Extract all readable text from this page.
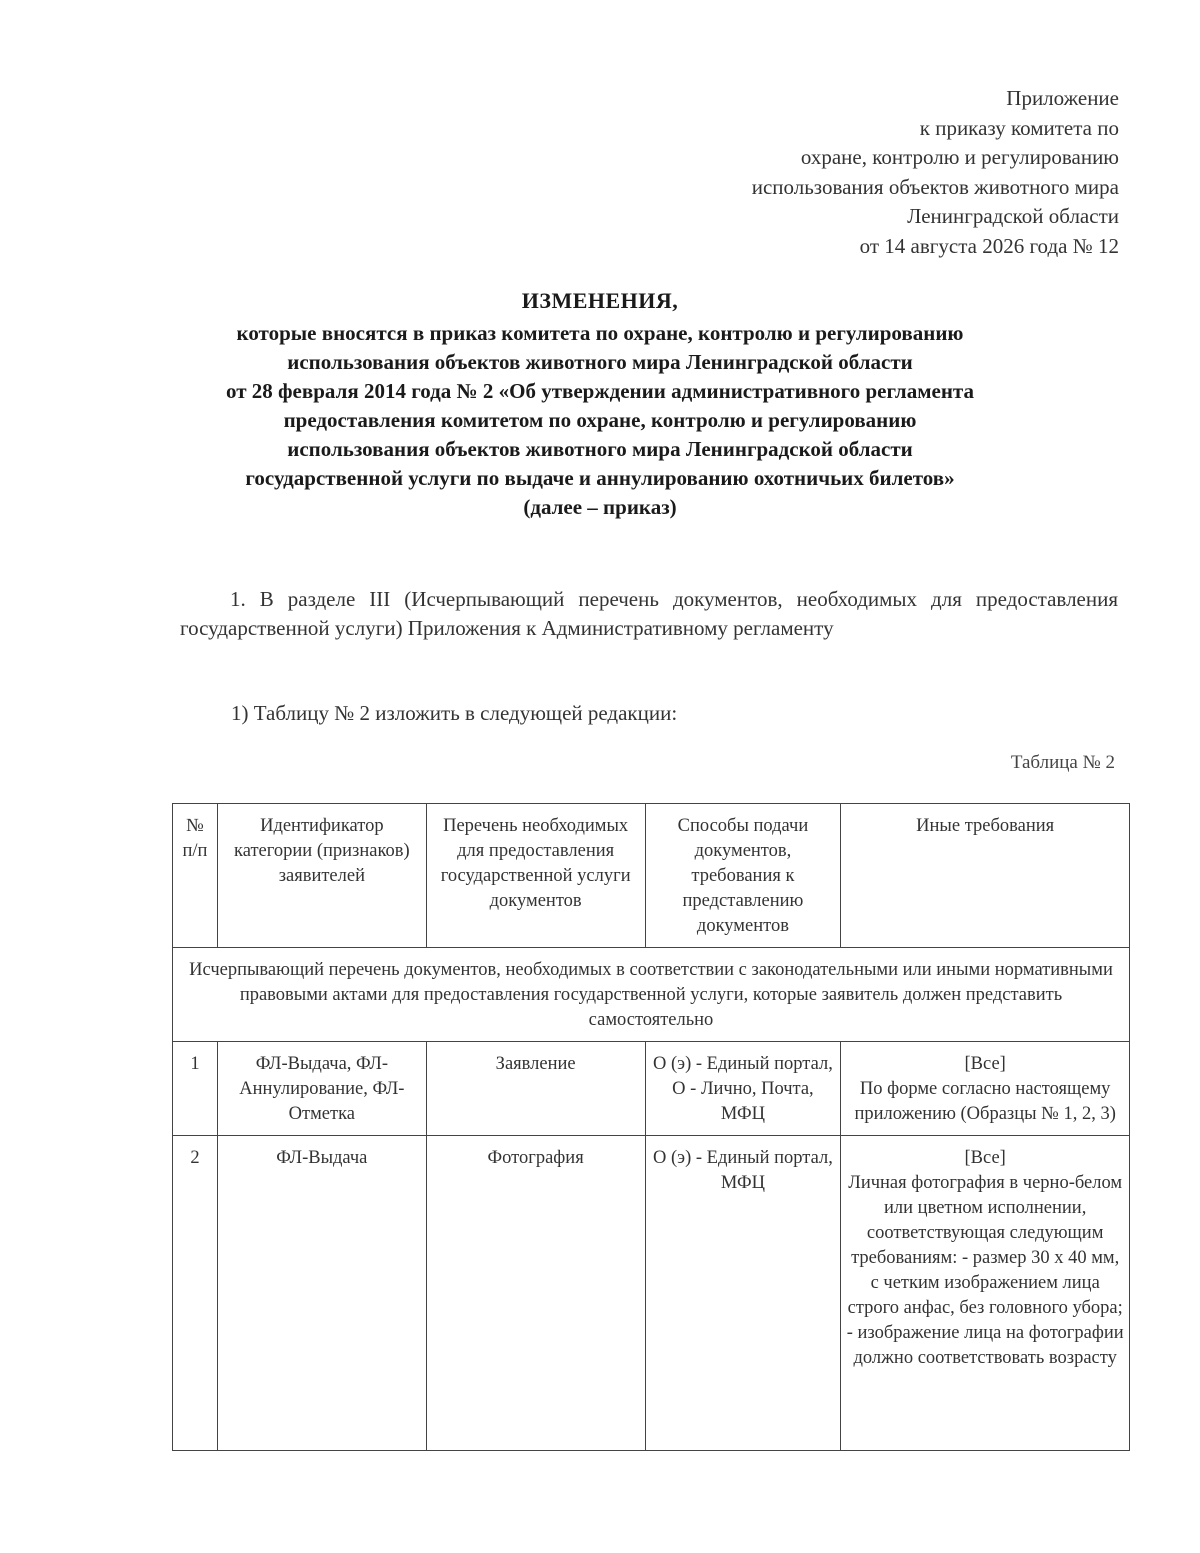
Приложение
к приказу комитета по
охране, контролю и регулированию
использования объектов животного мира
Ленинградской области
от 14 августа 2026 года № 12
ИЗМЕНЕНИЯ,
которые вносятся в приказ комитета по охране, контролю и регулированию
использования объектов животного мира Ленинградской области
от 28 февраля 2014 года № 2 «Об утверждении административного регламента
предоставления комитетом по охране, контролю и регулированию
использования объектов животного мира Ленинградской области
государственной услуги по выдаче и аннулированию охотничьих билетов»
(далее – приказ)
1. В разделе III (Исчерпывающий перечень документов, необходимых для предоставления государственной услуги) Приложения к Административному регламенту
1) Таблицу № 2 изложить в следующей редакции:
Таблица № 2
№ п/п	Идентификатор категории (признаков) заявителей	Перечень необходимых для предоставления государственной услуги документов	Способы подачи документов, требования к представлению документов	Иные требования
Исчерпывающий перечень документов, необходимых в соответствии с законодательными или иными нормативными правовыми актами для предоставления государственной услуги, которые заявитель должен представить самостоятельно				
1	ФЛ-Выдача, ФЛ-Аннулирование, ФЛ-Отметка	Заявление	О (э) - Единый портал, О - Лично, Почта, МФЦ	[Все]
По форме согласно настоящему приложению (Образцы № 1, 2, 3)

2	ФЛ-Выдача	Фотография	О (э) - Единый портал, МФЦ	[Все]
Личная фотография в черно-белом или цветном исполнении, соответствующая следующим требованиям: - размер 30 х 40 мм, с четким изображением лица строго анфас, без головного убора; - изображение лица на фотографии должно соответствовать возрасту
